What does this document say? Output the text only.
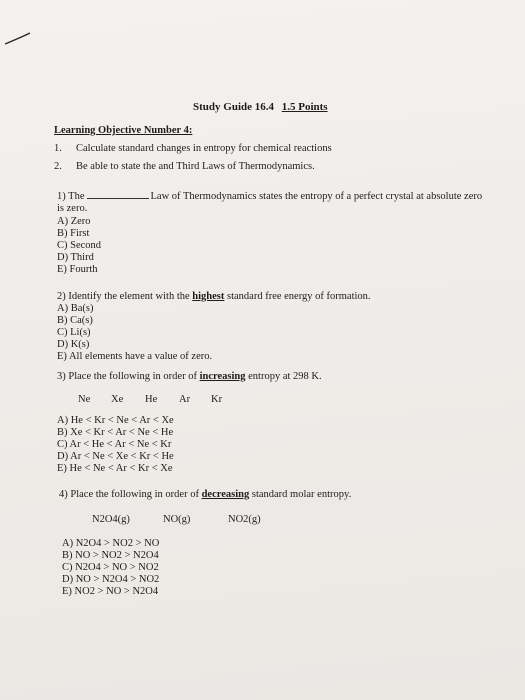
Study Guide 16.4 1.5 Points
Learning Objective Number 4:
1. Calculate standard changes in entropy for chemical reactions
2. Be able to state the and Third Laws of Thermodynamics.
1) The	Law of Thermodynamics states the entropy of a perfect crystal at absolute zero
is zero.
A) Zero
B) First
C) Second
D) Third
E) Fourth
2) Identify the element with the highest standard free energy of formation.
A) Ba(s)
B) Ca(s)
C) Li(s)
D) K(s)
E) All elements have a value of zero.
3) Place the following in order of increasing entropy at 298 K.
Ne Xe He Ar Kr
A) He < Kr < Ne < Ar < Xe
B) Xe < Kr < Ar < Ne < He
C) Ar < He < Ar < Ne < Kr
D) Ar < Ne < Xe < Kr < He
E) He < Ne < Ar < Kr < Xe
4) Place the following in order of decreasing standard molar entropy.
N2O4(g)	NO(g)	NO2(g)
A) N2O4 > NO2 > NO
B) NO > NO2 > N2O4
C) N2O4 > NO > NO2
D) NO > N2O4 > NO2
E) NO2 > NO > N2O4
